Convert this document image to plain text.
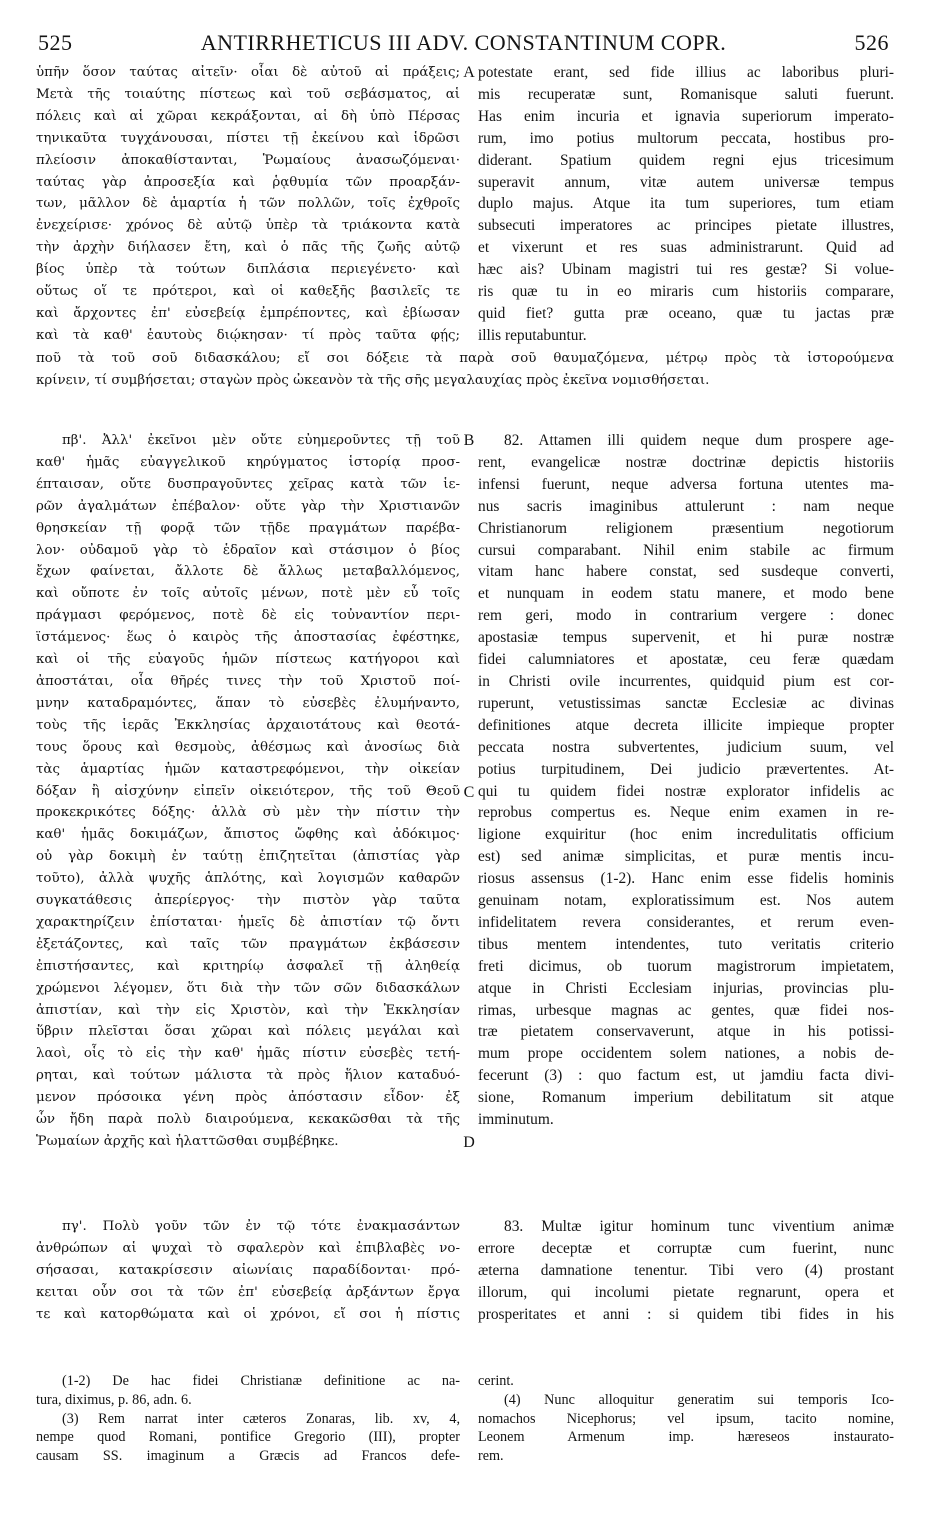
525	ANTIRRHETICUS III ADV. CONSTANTINUM COPR.	526
A
B
C
D
ὑπῆν ὅσον ταύτας αἰτεῖν· οἷαι δὲ αὐτοῦ αἱ πράξεις;
Μετὰ τῆς τοιαύτης πίστεως καὶ τοῦ σεβάσματος, αἱ
πόλεις καὶ αἱ χῶραι κεκράξονται, αἱ δὴ ὑπὸ Πέρσας
τηνικαῦτα τυγχάνουσαι, πίστει τῇ ἐκείνου καὶ ἱδρῶσι
πλείοσιν ἀποκαθίστανται, Ῥωμαίους ἀνασωζόμεναι·
ταύτας γὰρ ἀπροσεξία καὶ ῥᾳθυμία τῶν προαρξάν-
των, μᾶλλον δὲ ἁμαρτία ἡ τῶν πολλῶν, τοῖς ἐχθροῖς
ἐνεχείρισε· χρόνος δὲ αὐτῷ ὑπὲρ τὰ τριάκοντα κατὰ
τὴν ἀρχὴν διήλασεν ἔτη, καὶ ὁ πᾶς τῆς ζωῆς αὐτῷ
βίος ὑπὲρ τὰ τούτων διπλάσια περιεγένετο· καὶ
οὕτως οἵ τε πρότεροι, καὶ οἱ καθεξῆς βασιλεῖς τε
καὶ ἄρχοντες ἐπ' εὐσεβείᾳ ἐμπρέποντες, καὶ ἐβίωσαν
καὶ τὰ καθ' ἑαυτοὺς διῴκησαν· τί πρὸς ταῦτα φῄς;
potestate erant, sed fide illius ac laboribus pluri-
mis recuperatæ sunt, Romanisque saluti fuerunt.
Has enim incuria et ignavia superiorum imperato-
rum, imo potius multorum peccata, hostibus pro-
diderant. Spatium quidem regni ejus tricesimum
superavit annum, vitæ autem universæ tempus
duplo majus. Atque ita tum superiores, tum etiam
subsecuti imperatores ac principes pietate illustres,
et vixerunt et res suas administrarunt. Quid ad
hæc ais? Ubinam magistri tui res gestæ? Si volue-
ris quæ tu in eo miraris cum historiis comparare,
quid fiet? gutta præ oceano, quæ tu jactas præ
illis reputabuntur.
ποῦ τὰ τοῦ σοῦ διδασκάλου; εἴ σοι δόξειε τὰ παρὰ σοῦ θαυμαζόμενα, μέτρῳ πρὸς τὰ ἱστορούμενα
κρίνειν, τί συμβήσεται; σταγὼν πρὸς ὠκεανὸν τὰ τῆς σῆς μεγαλαυχίας πρὸς ἐκεῖνα νομισθήσεται.
πβ'. Ἀλλ' ἐκεῖνοι μὲν οὔτε εὐημεροῦντες τῇ τοῦ
καθ' ἡμᾶς εὐαγγελικοῦ κηρύγματος ἱστορίᾳ προσ-
έπταισαν, οὔτε δυσπραγοῦντες χεῖρας κατὰ τῶν ἱε-
ρῶν ἀγαλμάτων ἐπέβαλον· οὔτε γὰρ τὴν Χριστιανῶν
θρησκείαν τῇ φορᾷ τῶν τῇδε πραγμάτων παρέβα-
λον· οὐδαμοῦ γὰρ τὸ ἑδραῖον καὶ στάσιμον ὁ βίος
ἔχων φαίνεται, ἄλλοτε δὲ ἄλλως μεταβαλλόμενος,
καὶ οὔποτε ἐν τοῖς αὐτοῖς μένων, ποτὲ μὲν εὖ τοῖς
πράγμασι φερόμενος, ποτὲ δὲ εἰς τοὐναντίον περι-
ϊστάμενος· ἕως ὁ καιρὸς τῆς ἀποστασίας ἐφέστηκε,
καὶ οἱ τῆς εὐαγοῦς ἡμῶν πίστεως κατήγοροι καὶ
ἀποστάται, οἷα θῆρές τινες τὴν τοῦ Χριστοῦ ποί-
μνην καταδραμόντες, ἅπαν τὸ εὐσεβὲς ἐλυμήναντο,
τοὺς τῆς ἱερᾶς Ἐκκλησίας ἀρχαιοτάτους καὶ θεοτά-
τους ὅρους καὶ θεσμοὺς, ἀθέσμως καὶ ἀνοσίως διὰ
τὰς ἁμαρτίας ἡμῶν καταστρεφόμενοι, τὴν οἰκείαν
δόξαν ἢ αἰσχύνην εἰπεῖν οἰκειότερον, τῆς τοῦ Θεοῦ
προκεκρικότες δόξης· ἀλλὰ σὺ μὲν τὴν πίστιν τὴν
καθ' ἡμᾶς δοκιμάζων, ἄπιστος ὤφθης καὶ ἀδόκιμος·
οὐ γὰρ δοκιμὴ ἐν ταύτῃ ἐπιζητεῖται (ἀπιστίας γὰρ
τοῦτο), ἀλλὰ ψυχῆς ἁπλότης, καὶ λογισμῶν καθαρῶν
συγκατάθεσις ἀπερίεργος· τὴν πιστὸν γὰρ ταῦτα
χαρακτηρίζειν ἐπίσταται· ἡμεῖς δὲ ἀπιστίαν τῷ ὄντι
ἐξετάζοντες, καὶ ταῖς τῶν πραγμάτων ἐκβάσεσιν
ἐπιστήσαντες, καὶ κριτηρίῳ ἀσφαλεῖ τῇ ἀληθείᾳ
χρώμενοι λέγομεν, ὅτι διὰ τὴν τῶν σῶν διδασκάλων
ἀπιστίαν, καὶ τὴν εἰς Χριστὸν, καὶ τὴν Ἐκκλησίαν
ὕβριν πλεῖσται ὅσαι χῶραι καὶ πόλεις μεγάλαι καὶ
λαοὶ, οἷς τὸ εἰς τὴν καθ' ἡμᾶς πίστιν εὐσεβὲς τετή-
ρηται, καὶ τούτων μάλιστα τὰ πρὸς ἥλιον καταδυό-
μενον πρόσοικα γένη πρὸς ἀπόστασιν εἶδον· ἐξ
ὧν ἤδη παρὰ πολὺ διαιρούμενα, κεκακῶσθαι τὰ τῆς
Ῥωμαίων ἀρχῆς καὶ ἡλαττῶσθαι συμβέβηκε.
82. Attamen illi quidem neque dum prospere age-
rent, evangelicæ nostræ doctrinæ depictis historiis
infensi fuerunt, neque adversa fortuna utentes ma-
nus sacris imaginibus attulerunt : nam neque
Christianorum religionem præsentium negotiorum
cursui comparabant. Nihil enim stabile ac firmum
vitam hanc habere constat, sed susdeque converti,
et nunquam in eodem statu manere, et modo bene
rem geri, modo in contrarium vergere : donec
apostasiæ tempus supervenit, et hi puræ nostræ
fidei calumniatores et apostatæ, ceu feræ quædam
in Christi ovile incurrentes, quidquid pium est cor-
ruperunt, vetustissimas sanctæ Ecclesiæ ac divinas
definitiones atque decreta illicite impieque propter
peccata nostra subvertentes, judicium suum, vel
potius turpitudinem, Dei judicio prævertentes. At-
qui tu quidem fidei nostræ explorator infidelis ac
reprobus compertus es. Neque enim examen in re-
ligione exquiritur (hoc enim incredulitatis officium
est) sed animæ simplicitas, et puræ mentis incu-
riosus assensus (1-2). Hanc enim esse fidelis hominis
genuinam notam, exploratissimum est. Nos autem
infidelitatem revera considerantes, et rerum even-
tibus mentem intendentes, tuto veritatis criterio
freti dicimus, ob tuorum magistrorum impietatem,
atque in Christi Ecclesiam injurias, provincias plu-
rimas, urbesque magnas ac gentes, quæ fidei nos-
træ pietatem conservaverunt, atque in his potissi-
mum prope occidentem solem nationes, a nobis de-
fecerunt (3) : quo factum est, ut jamdiu facta divi-
sione, Romanum imperium debilitatum sit atque
imminutum.
πγ'. Πολὺ γοῦν τῶν ἐν τῷ τότε ἐνακμασάντων
ἀνθρώπων αἱ ψυχαὶ τὸ σφαλερὸν καὶ ἐπιβλαβὲς νο-
σήσασαι, κατακρίσεσιν αἰωνίαις παραδίδονται· πρό-
κειται οὖν σοι τὰ τῶν ἐπ' εὐσεβείᾳ ἀρξάντων ἔργα
τε καὶ κατορθώματα καὶ οἱ χρόνοι, εἴ σοι ἡ πίστις
83. Multæ igitur hominum tunc viventium animæ
errore deceptæ et corruptæ cum fuerint, nunc
æterna damnatione tenentur. Tibi vero (4) prostant
illorum, qui incolumi pietate regnarunt, opera et
prosperitates et anni : si quidem tibi fides in his
(1-2) De hac fidei Christianæ definitione ac na-
tura, diximus, p. 86, adn. 6.
(3) Rem narrat inter cæteros Zonaras, lib. xv, 4,
nempe quod Romani, pontifice Gregorio (III), propter
causam SS. imaginum a Græcis ad Francos defe-
cerint.
(4) Nunc alloquitur generatim sui temporis Ico-
nomachos Nicephorus; vel ipsum, tacito nomine,
Leonem Armenum imp. hæreseos instaurato-
rem.
